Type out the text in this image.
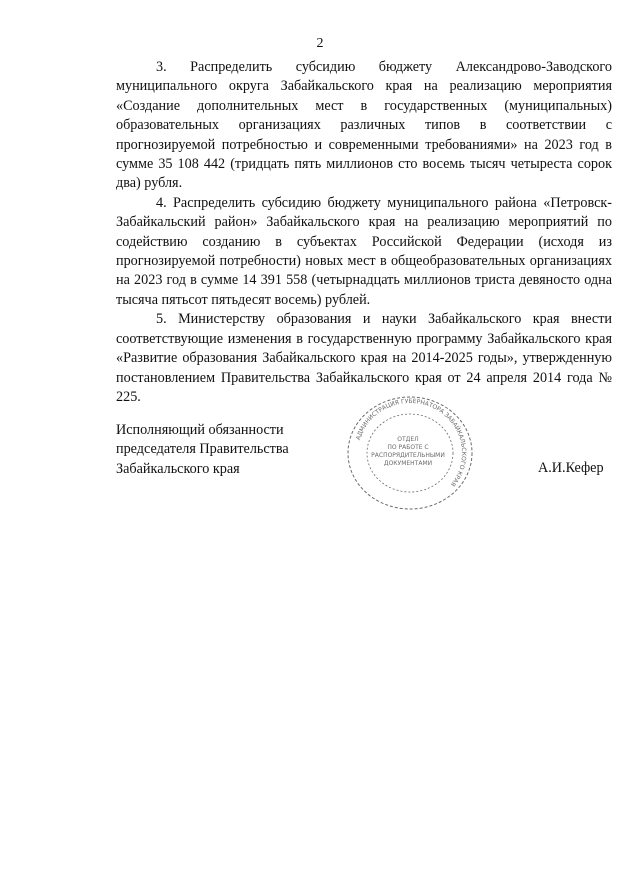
2

3. Распределить субсидию бюджету Александрово-Заводского муниципального округа Забайкальского края на реализацию мероприятия «Создание дополнительных мест в государственных (муниципальных) образовательных организациях различных типов в соответствии с прогнозируемой потребностью и современными требованиями» на 2023 год в сумме 35 108 442 (тридцать пять миллионов сто восемь тысяч четыреста сорок два) рубля.

4. Распределить субсидию бюджету муниципального района «Петровск-Забайкальский район» Забайкальского края на реализацию мероприятий по содействию созданию в субъектах Российской Федерации (исходя из прогнозируемой потребности) новых мест в общеобразовательных организациях на 2023 год в сумме 14 391 558 (четырнадцать миллионов триста девяносто одна тысяча пятьсот пятьдесят восемь) рублей.

5. Министерству образования и науки Забайкальского края внести соответствующие изменения в государственную программу Забайкальского края «Развитие образования Забайкальского края на 2014-2025 годы», утвержденную постановлением Правительства Забайкальского края от 24 апреля 2014 года № 225.

Исполняющий обязанности
председателя Правительства
Забайкальского края
АДМИНИСТРАЦИЯ ГУБЕРНАТОРА ЗАБАЙКАЛЬСКОГО КРАЯ
ОТДЕЛ
ПО РАБОТЕ С
РАСПОРЯДИТЕЛЬНЫМИ
ДОКУМЕНТАМИ	А.И.Кефер
